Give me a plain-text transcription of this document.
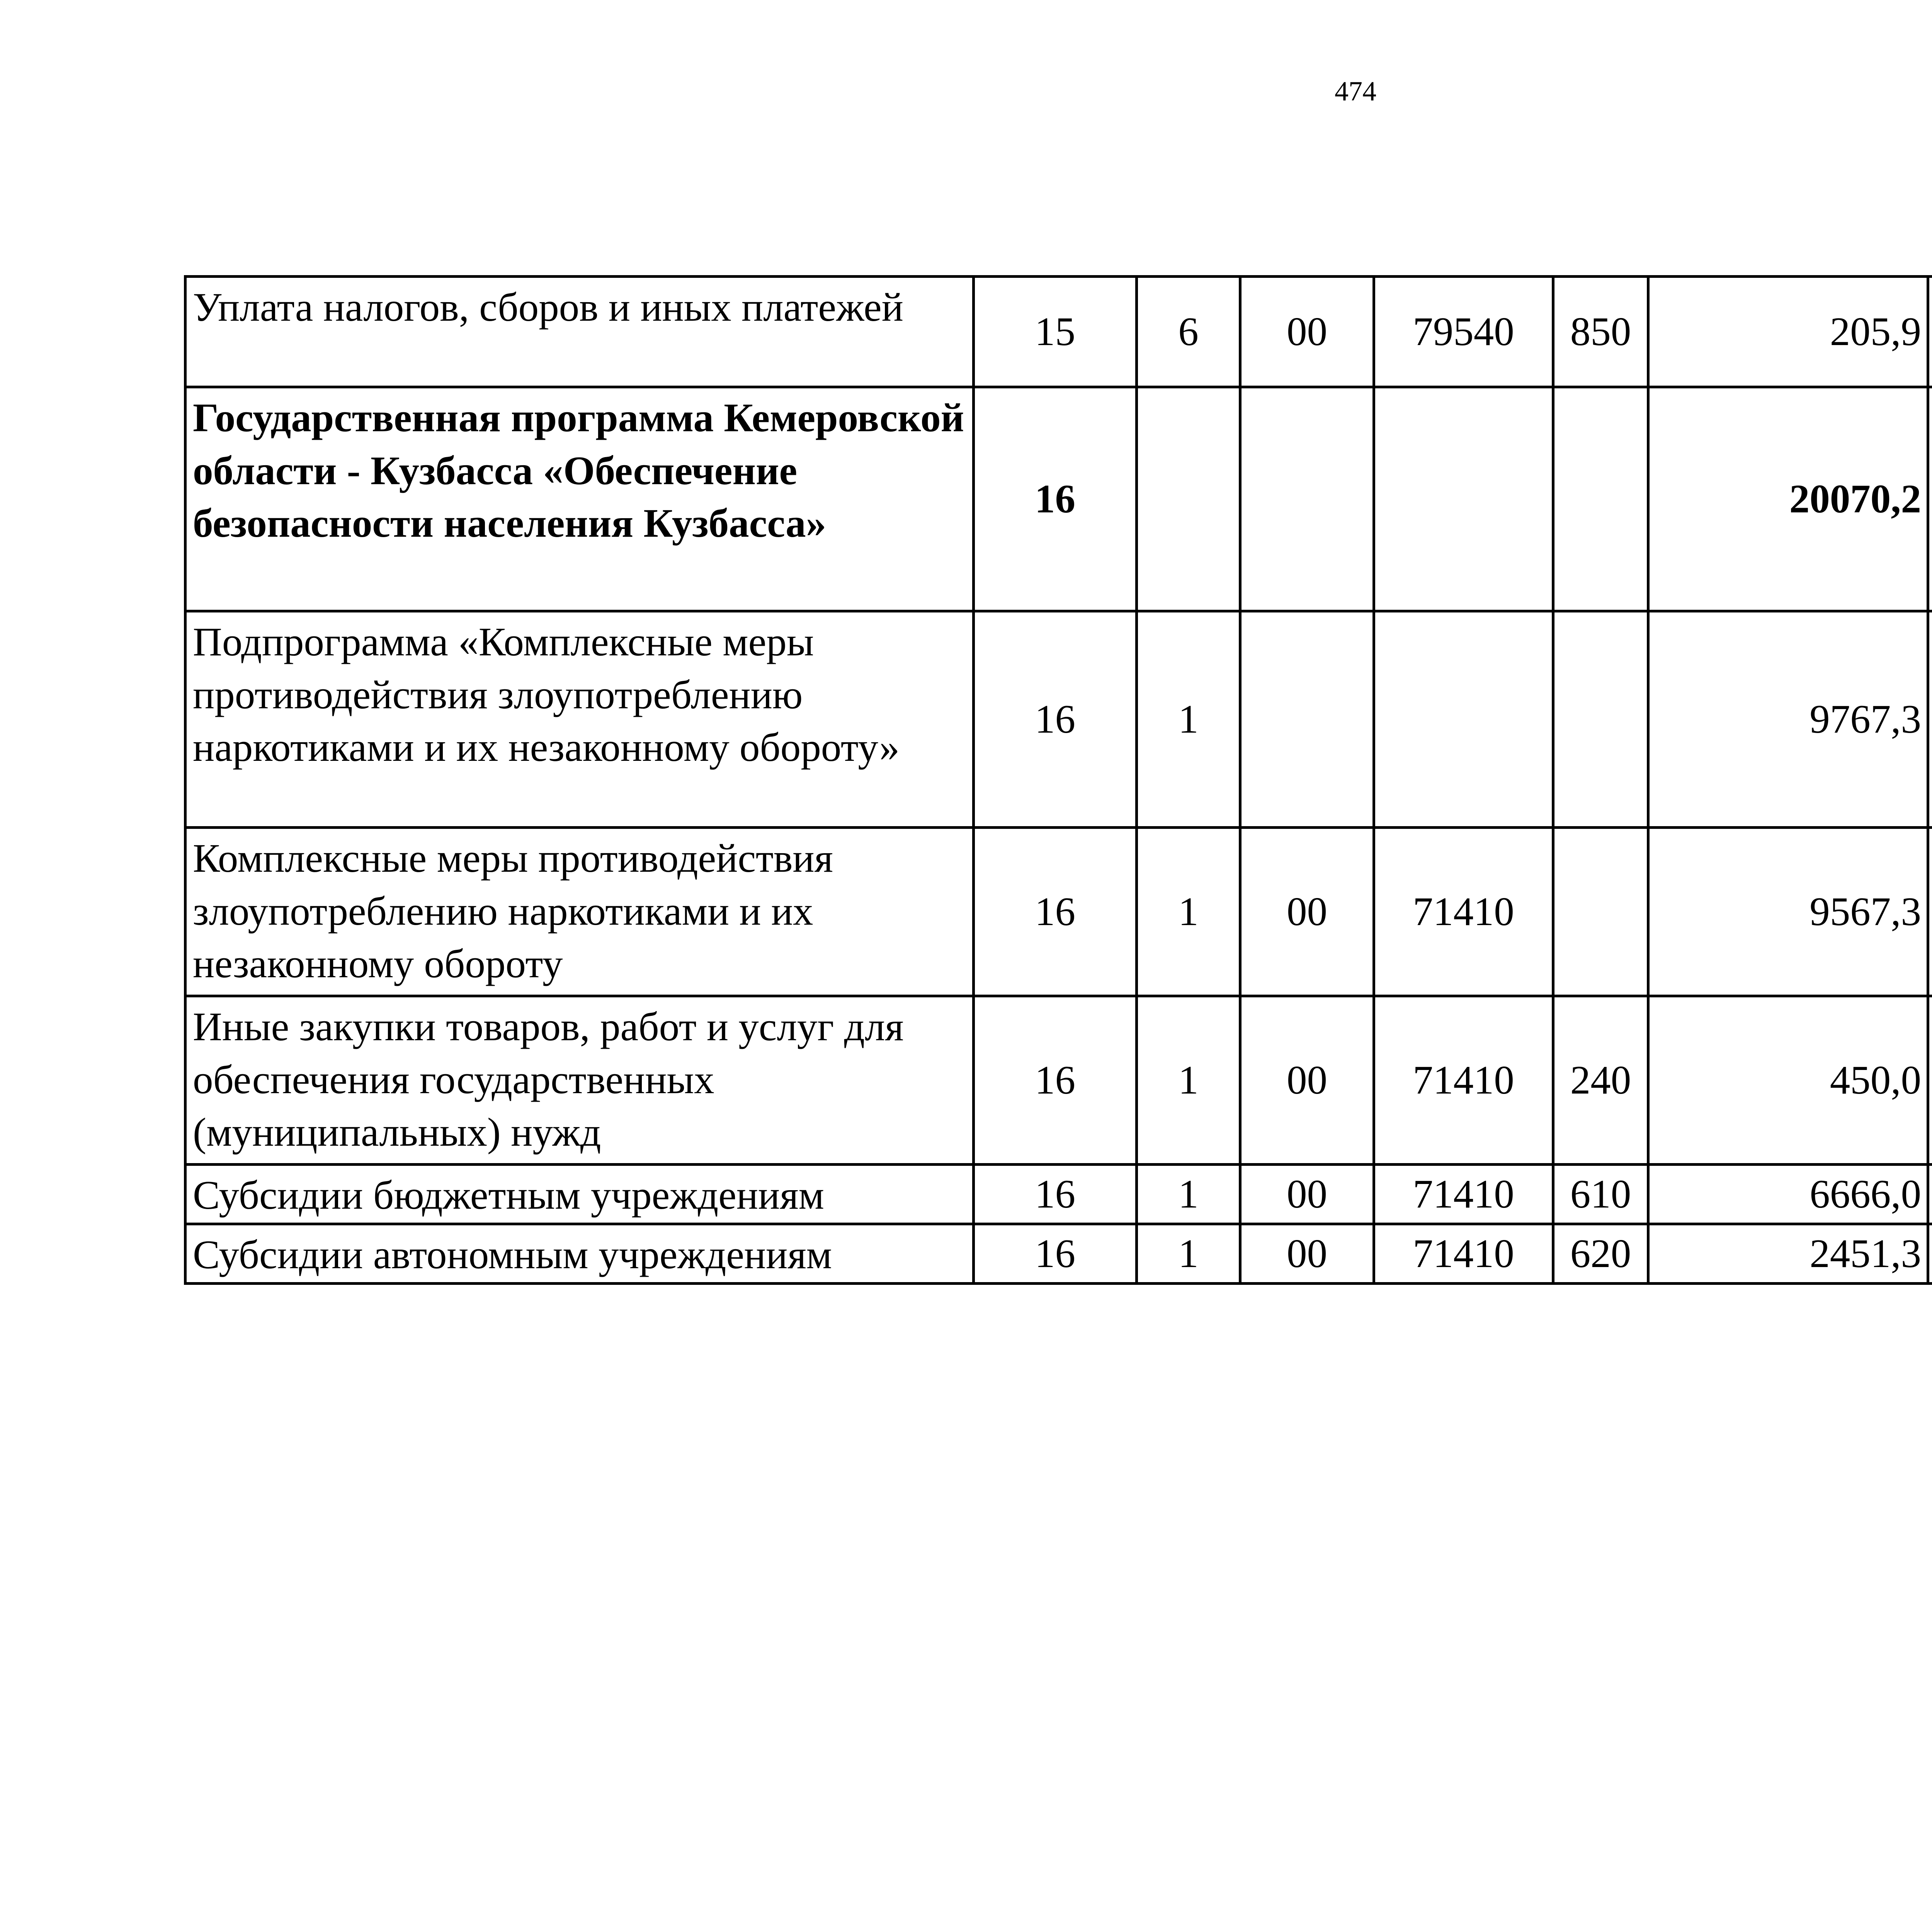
474
Уплата налогов, сборов и иных платежей	15	6	00	79540	850	205,9		
Государственная программа Кемеровской области - Кузбасса «Обеспечение безопасности населения Кузбасса»	16					20070,2		
Подпрограмма «Комплексные меры противодействия злоупотреблению наркотиками и их незаконному обороту»	16	1				9767,3		
Комплексные меры противодействия злоупотреблению наркотиками и их незаконному обороту	16	1	00	71410		9567,3		
Иные закупки товаров, работ и услуг для обеспечения государственных (муниципальных) нужд	16	1	00	71410	240	450,0		
Субсидии бюджетным учреждениям	16	1	00	71410	610	6666,0		
Субсидии автономным учреждениям	16	1	00	71410	620	2451,3		
